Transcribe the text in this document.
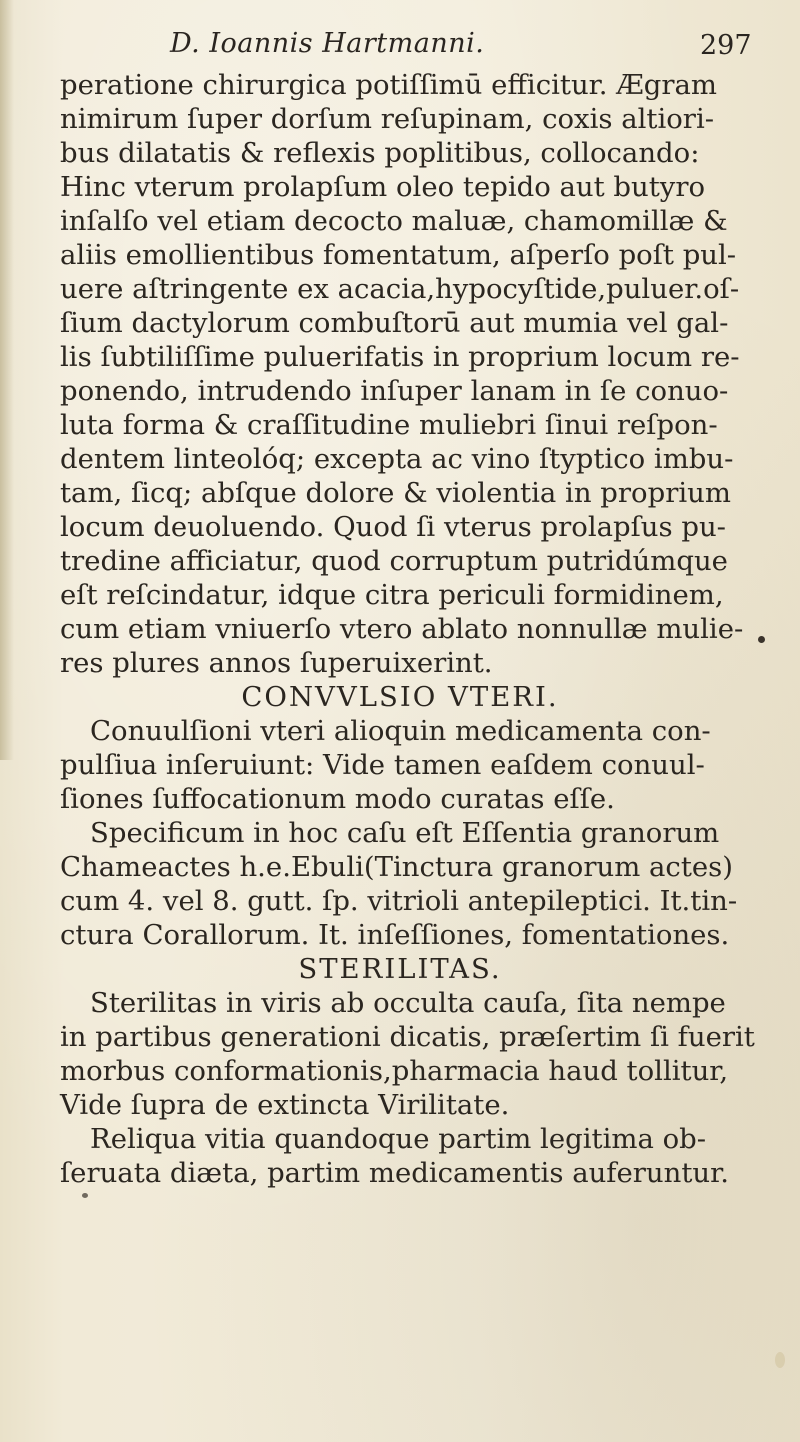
D. Ioannis Hartmanni.	297
peratione chirurgica potiſſimū efficitur. Ægram
nimirum ſuper dorſum reſupinam, coxis altiori-
bus dilatatis & reflexis poplitibus, collocando:
Hinc vterum prolapſum oleo tepido aut butyro
inſalſo vel etiam decocto maluæ, chamomillæ &
aliis emollientibus fomentatum, aſperſo poſt pul-
uere aſtringente ex acacia,hypocyſtide,puluer.oſ-
ſium dactylorum combuſtorū aut mumia vel gal-
lis ſubtiliſſime puluerifatis in proprium locum re-
ponendo, intrudendo inſuper lanam in ſe conuo-
luta forma & craſſitudine muliebri ſinui reſpon-
dentem linteolóq; excepta ac vino ſtyptico imbu-
tam, ſicq; abſque dolore & violentia in proprium
locum deuoluendo. Quod ſi vterus prolapſus pu-
tredine afficiatur, quod corruptum putridúmque
eſt reſcindatur, idque citra periculi formidinem,
cum etiam vniuerſo vtero ablato nonnullæ mulie-
res plures annos ſuperuixerint.
CONVVLSIO VTERI.
Conuulſioni vteri alioquin medicamenta con-
pulſiua inſeruiunt: Vide tamen eaſdem conuul-
ſiones ſuffocationum modo curatas eſſe.
Specificum in hoc caſu eſt Eſſentia granorum
Chameactes h.e.Ebuli(Tinctura granorum actes)
cum 4. vel 8. gutt. ſp. vitrioli antepileptici. It.tin-
ctura Corallorum. It. inſeſſiones, fomentationes.
STERILITAS.
Sterilitas in viris ab occulta cauſa, ſita nempe
in partibus generationi dicatis, præſertim ſi fuerit
morbus conformationis,pharmacia haud tollitur,
Vide ſupra de extincta Virilitate.
Reliqua vitia quandoque partim legitima ob-
ſeruata diæta, partim medicamentis auferuntur.
